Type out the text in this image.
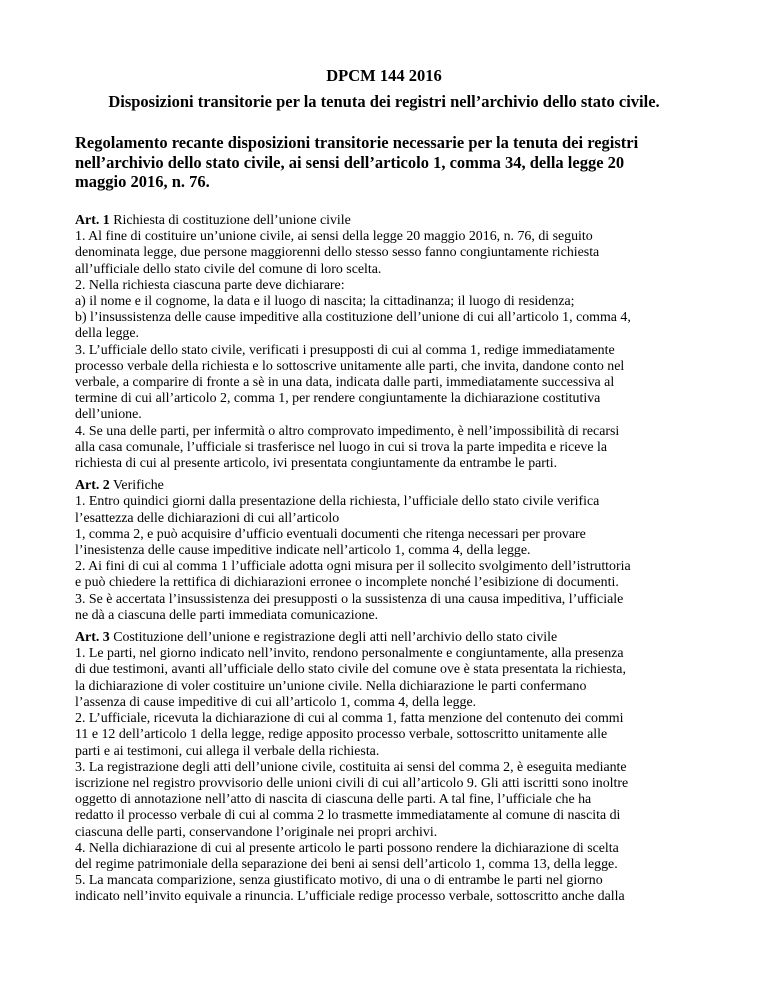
DPCM 144 2016
Disposizioni transitorie per la tenuta dei registri nell’archivio dello stato civile.
Regolamento recante disposizioni transitorie necessarie per la tenuta dei registri
nell’archivio dello stato civile, ai sensi dell’articolo 1, comma 34, della legge 20
maggio 2016, n. 76.
Art. 1 Richiesta di costituzione dell’unione civile
1. Al fine di costituire un’unione civile, ai sensi della legge 20 maggio 2016, n. 76, di seguito
denominata legge, due persone maggiorenni dello stesso sesso fanno congiuntamente richiesta
all’ufficiale dello stato civile del comune di loro scelta.
2. Nella richiesta ciascuna parte deve dichiarare:
a) il nome e il cognome, la data e il luogo di nascita; la cittadinanza; il luogo di residenza;
b) l’insussistenza delle cause impeditive alla costituzione dell’unione di cui all’articolo 1, comma 4,
della legge.
3. L’ufficiale dello stato civile, verificati i presupposti di cui al comma 1, redige immediatamente
processo verbale della richiesta e lo sottoscrive unitamente alle parti, che invita, dandone conto nel
verbale, a comparire di fronte a sè in una data, indicata dalle parti, immediatamente successiva al
termine di cui all’articolo 2, comma 1, per rendere congiuntamente la dichiarazione costitutiva
dell’unione.
4. Se una delle parti, per infermità o altro comprovato impedimento, è nell’impossibilità di recarsi
alla casa comunale, l’ufficiale si trasferisce nel luogo in cui si trova la parte impedita e riceve la
richiesta di cui al presente articolo, ivi presentata congiuntamente da entrambe le parti.
Art. 2 Verifiche
1. Entro quindici giorni dalla presentazione della richiesta, l’ufficiale dello stato civile verifica
l’esattezza delle dichiarazioni di cui all’articolo
1, comma 2, e può acquisire d’ufficio eventuali documenti che ritenga necessari per provare
l’inesistenza delle cause impeditive indicate nell’articolo 1, comma 4, della legge.
2. Ai fini di cui al comma 1 l’ufficiale adotta ogni misura per il sollecito svolgimento dell’istruttoria
e può chiedere la rettifica di dichiarazioni erronee o incomplete nonché l’esibizione di documenti.
3. Se è accertata l’insussistenza dei presupposti o la sussistenza di una causa impeditiva, l’ufficiale
ne dà a ciascuna delle parti immediata comunicazione.
Art. 3 Costituzione dell’unione e registrazione degli atti nell’archivio dello stato civile
1. Le parti, nel giorno indicato nell’invito, rendono personalmente e congiuntamente, alla presenza
di due testimoni, avanti all’ufficiale dello stato civile del comune ove è stata presentata la richiesta,
la dichiarazione di voler costituire un’unione civile. Nella dichiarazione le parti confermano
l’assenza di cause impeditive di cui all’articolo 1, comma 4, della legge.
2. L’ufficiale, ricevuta la dichiarazione di cui al comma 1, fatta menzione del contenuto dei commi
11 e 12 dell’articolo 1 della legge, redige apposito processo verbale, sottoscritto unitamente alle
parti e ai testimoni, cui allega il verbale della richiesta.
3. La registrazione degli atti dell’unione civile, costituita ai sensi del comma 2, è eseguita mediante
iscrizione nel registro provvisorio delle unioni civili di cui all’articolo 9. Gli atti iscritti sono inoltre
oggetto di annotazione nell’atto di nascita di ciascuna delle parti. A tal fine, l’ufficiale che ha
redatto il processo verbale di cui al comma 2 lo trasmette immediatamente al comune di nascita di
ciascuna delle parti, conservandone l’originale nei propri archivi.
4. Nella dichiarazione di cui al presente articolo le parti possono rendere la dichiarazione di scelta
del regime patrimoniale della separazione dei beni ai sensi dell’articolo 1, comma 13, della legge.
5. La mancata comparizione, senza giustificato motivo, di una o di entrambe le parti nel giorno
indicato nell’invito equivale a rinuncia. L’ufficiale redige processo verbale, sottoscritto anche dalla
